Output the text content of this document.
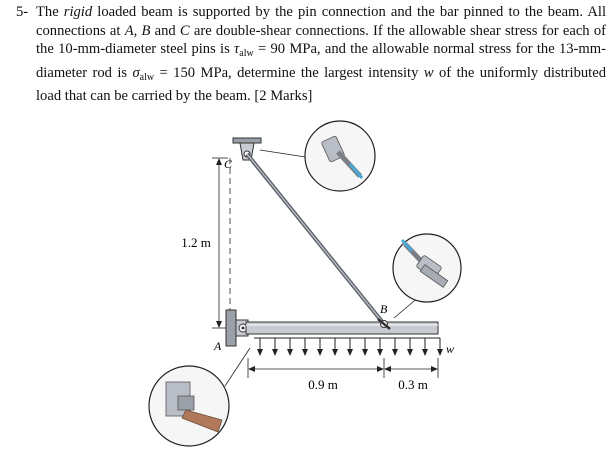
5- The rigid loaded beam is supported by the pin connection and the bar pinned to the beam. All connections at A, B and C are double-shear connections. If the allowable shear stress for each of the 10-mm-diameter steel pins is $\tau_{alw} = 90$ MPa, and the allowable normal stress for the 13-mm-diameter rod is $\sigma_{alw} = 150$ MPa, determine the largest intensity w of the uniformly distributed load that can be carried by the beam. [2 Marks]
1.2 m
C
B
A	w
0.9 m	0.3 m
